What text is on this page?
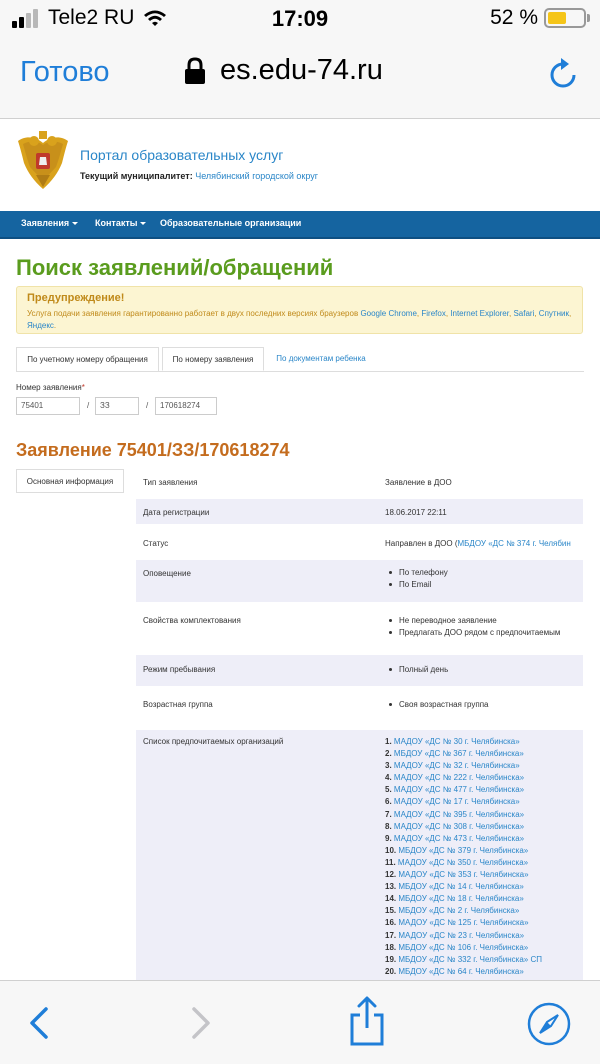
Tele2 RU	17:09	52 %
Готово	es.edu-74.ru
Портал образовательных услуг
Текущий муниципалитет: Челябинский городской округ
Заявления	Контакты	Образовательные организации
Поиск заявлений/обращений
Предупреждение!
Услуга подачи заявления гарантированно работает в двух последних версиях браузеров Google Chrome, Firefox, Internet Explorer, Safari, Спутник, Яндекс.
По учетному номеру обращения	По номеру заявления	По документам ребенка
Номер заявления*
75401
/
ЗЗ	/
170618274
Заявление 75401/ЗЗ/170618274
Основная информация	Тип заявления	Заявление в ДОО
Дата регистрации	18.06.2017 22:11
Статус	Направлен в ДОО (МБДОУ «ДС № 374 г. Челябин
Оповещение	По телефону
По Email
Свойства комплектования	Не переводное заявление
Предлагать ДОО рядом с предпочитаемым
Режим пребывания	Полный день
Возрастная группа	Своя возрастная группа
Список предпочитаемых организаций	1. МАДОУ «ДС № 30 г. Челябинска»
2. МБДОУ «ДС № 367 г. Челябинска»
3. МАДОУ «ДС № 32 г. Челябинска»
4. МАДОУ «ДС № 222 г. Челябинска»
5. МАДОУ «ДС № 477 г. Челябинска»
6. МАДОУ «ДС № 17 г. Челябинска»
7. МАДОУ «ДС № 395 г. Челябинска»
8. МАДОУ «ДС № 308 г. Челябинска»
9. МАДОУ «ДС № 473 г. Челябинска»
10. МБДОУ «ДС № 379 г. Челябинска»
11. МАДОУ «ДС № 350 г. Челябинска»
12. МАДОУ «ДС № 353 г. Челябинска»
13. МБДОУ «ДС № 14 г. Челябинска»
14. МБДОУ «ДС № 18 г. Челябинска»
15. МБДОУ «ДС № 2 г. Челябинска»
16. МАДОУ «ДС № 125 г. Челябинска»
17. МАДОУ «ДС № 23 г. Челябинска»
18. МБДОУ «ДС № 106 г. Челябинска»
19. МБДОУ «ДС № 332 г. Челябинска» СП
20. МБДОУ «ДС № 64 г. Челябинска»
